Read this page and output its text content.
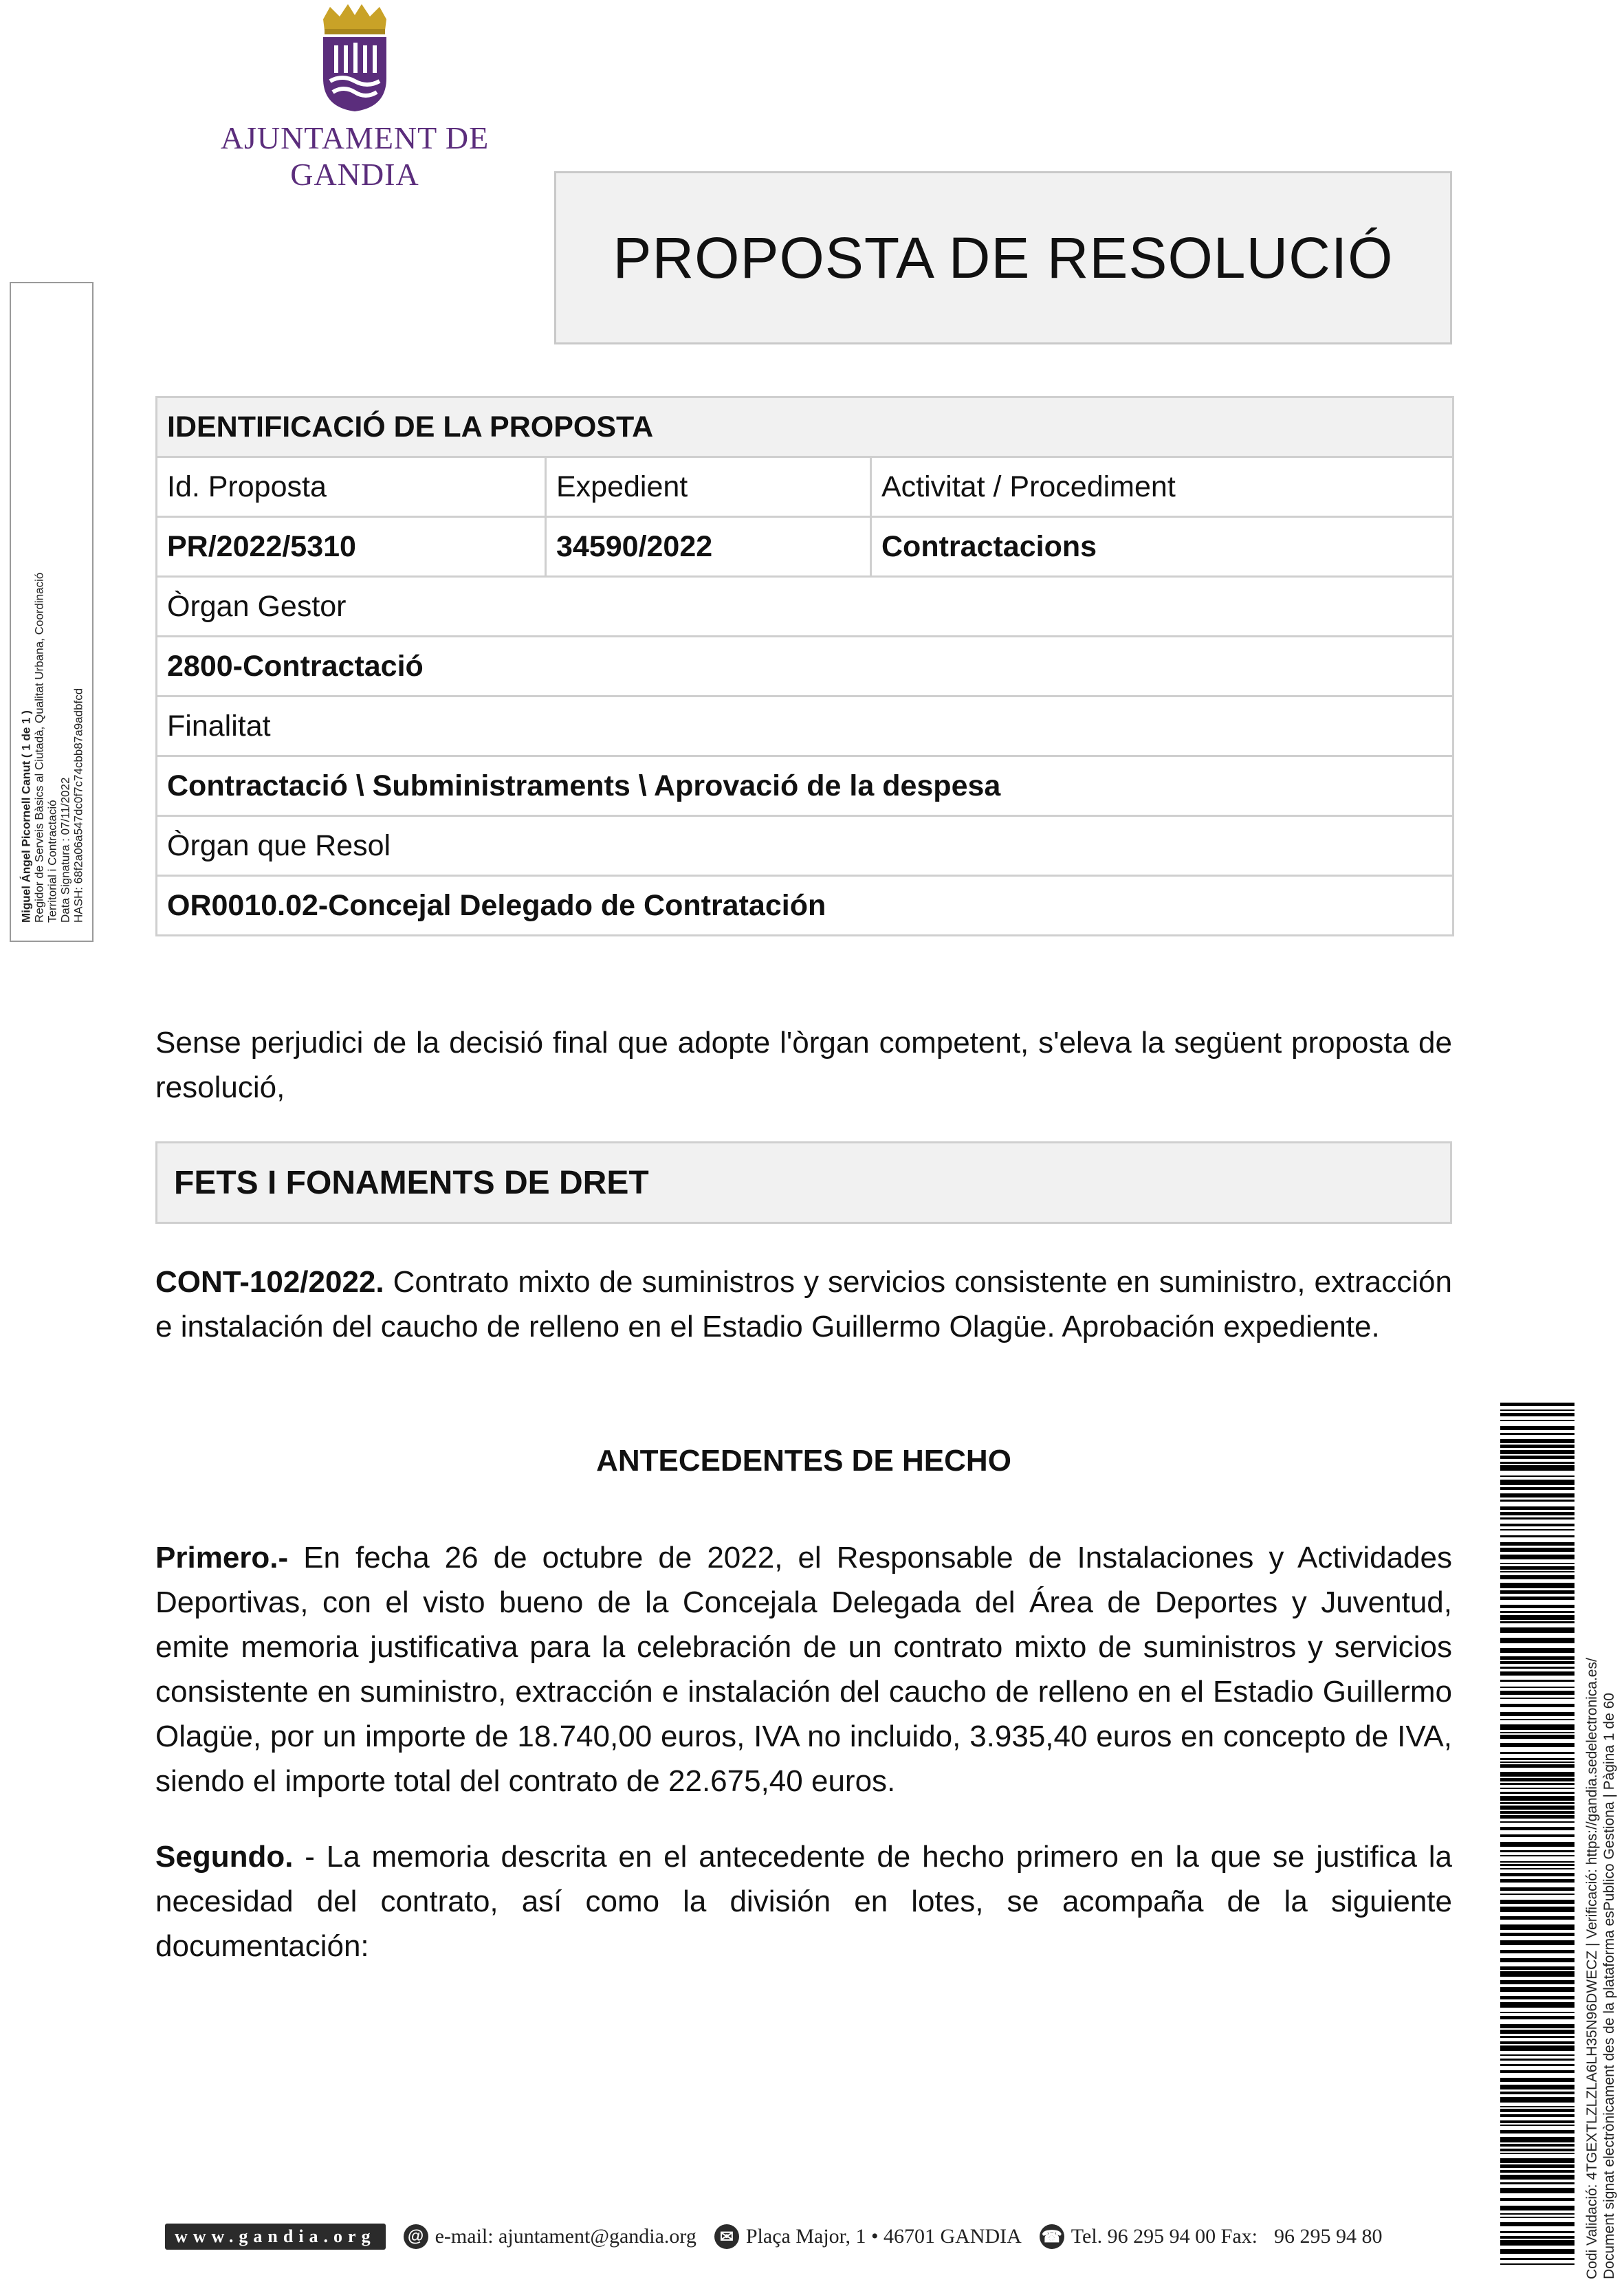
AJUNTAMENT DE GANDIA
PROPOSTA DE RESOLUCIÓ
Miguel Ángel Picornell Canut ( 1 de 1 ) Regidor de Serveis Bàsics al Ciutadà, Qualitat Urbana, Coordinació Territorial i Contractació Data Signatura : 07/11/2022 HASH: 68f2a06a547dc0f7c74cbb87a9adbfcd
IDENTIFICACIÓ DE LA PROPOSTA		
Id. Proposta	Expedient	Activitat / Procediment
PR/2022/5310	34590/2022	Contractacions
Òrgan Gestor		
2800-Contractació		
Finalitat		
Contractació \ Subministraments \ Aprovació de la despesa		
Òrgan que Resol		
OR0010.02-Concejal Delegado de Contratación		

Sense perjudici de la decisió final que adopte l'òrgan competent, s'eleva la següent proposta de resolució,

FETS I FONAMENTS DE DRET

CONT-102/2022. Contrato mixto de suministros y servicios consistente en suministro, extracción e instalación del caucho de relleno en el Estadio Guillermo Olagüe. Aprobación expediente.

ANTECEDENTES DE HECHO

Primero.- En fecha 26 de octubre de 2022, el Responsable de Instalaciones y Actividades Deportivas, con el visto bueno de la Concejala Delegada del Área de Deportes y Juventud, emite memoria justificativa para la celebración de un contrato mixto de suministros y servicios consistente en suministro, extracción e instalación del caucho de relleno en el Estadio Guillermo Olagüe, por un importe de 18.740,00 euros, IVA no incluido, 3.935,40 euros en concepto de IVA, siendo el importe total del contrato de 22.675,40 euros.

Segundo. - La memoria descrita en el antecedente de hecho primero en la que se justifica la necesidad del contrato, así como la división en lotes, se acompaña de la siguiente documentación:	Codi Validació: 4TGEXTLZLZLA6LH35N96DWECZ | Verificació: https://gandia.sedelectronica.es/ Document signat electrònicament des de la plataforma esPublico Gestiona | Pàgina 1 de 60
www.gandia.org	@ e-mail: ajuntament@gandia.org	✉ Plaça Major, 1 • 46701 GANDIA ☎ Tel. 96 295 94 00 Fax: 96 295 94 80
